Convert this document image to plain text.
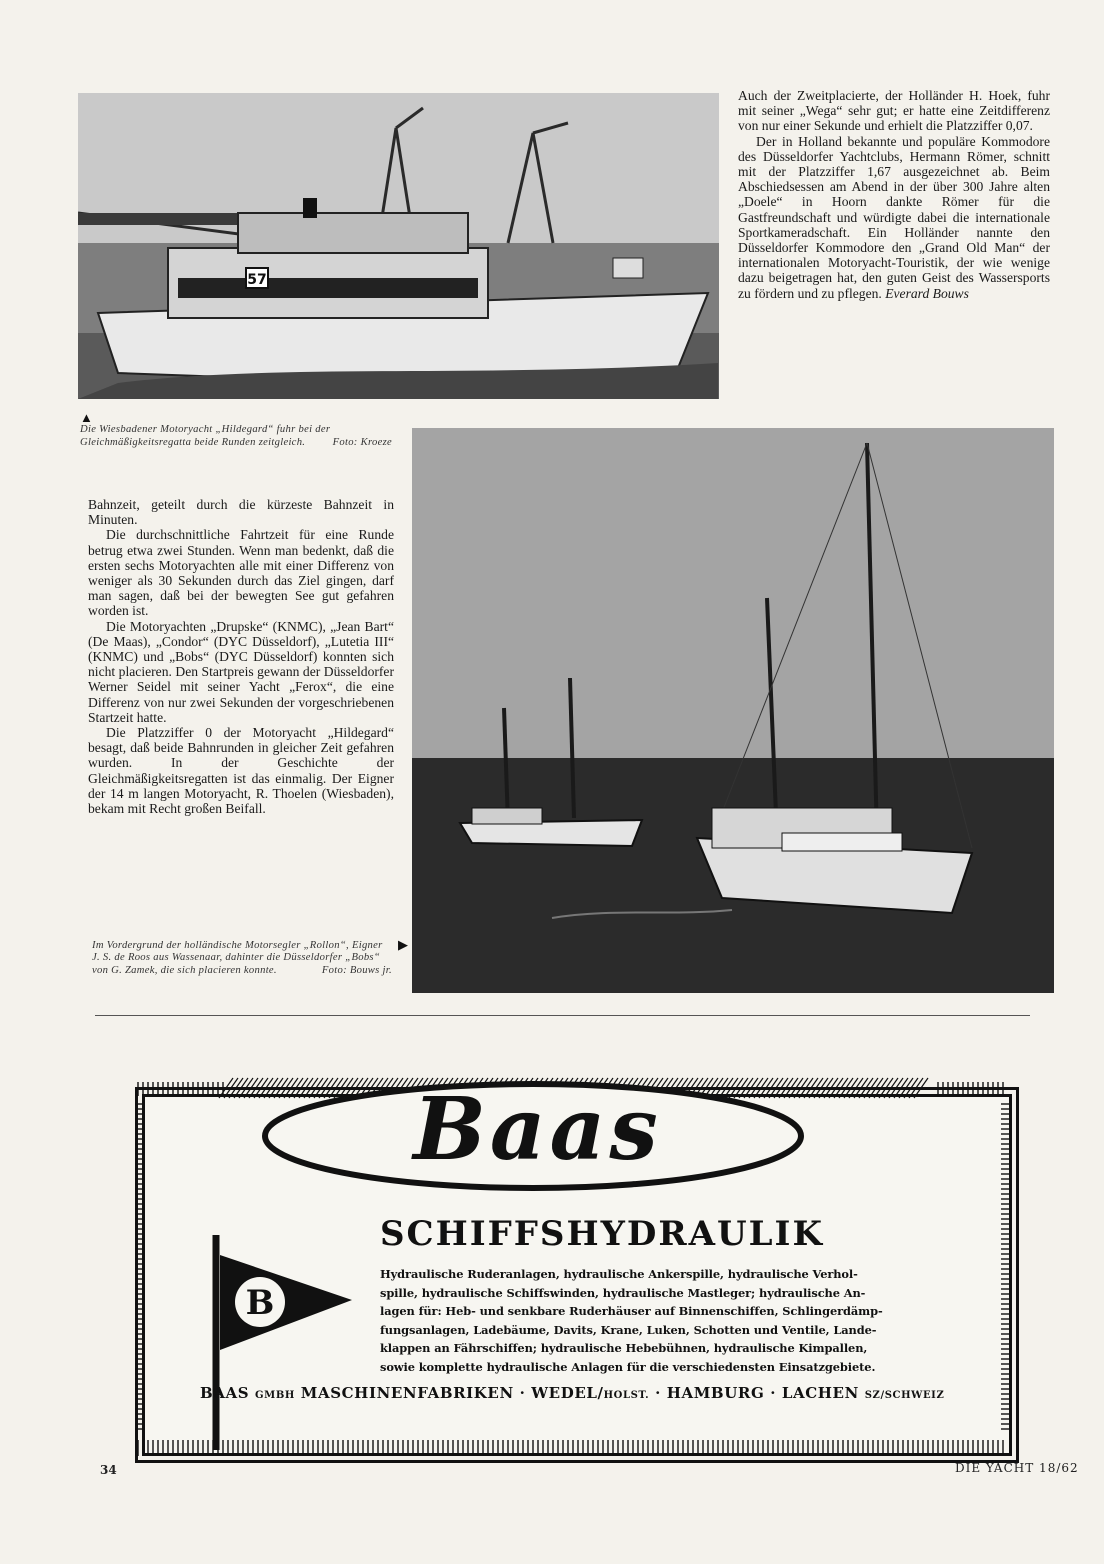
57

Auch der Zweitplacierte, der Holländer H. Hoek, fuhr mit seiner „Wega“ sehr gut; er hatte eine Zeitdifferenz von nur einer Sekunde und erhielt die Platzziffer 0,07.

Der in Holland bekannte und populäre Kommodore des Düsseldorfer Yachtclubs, Hermann Römer, schnitt mit der Platzziffer 1,67 ausgezeichnet ab. Beim Abschiedsessen am Abend in der über 300 Jahre alten „Doele“ in Hoorn dankte Römer für die Gastfreundschaft und würdigte dabei die internationale Sportkameradschaft. Ein Holländer nannte den Düsseldorfer Kommodore den „Grand Old Man“ der internationalen Motoryacht-Touristik, der wie wenige dazu beigetragen hat, den guten Geist des Wassersports zu fördern und zu pflegen. Everard Bouws

▲
Die Wiesbadener Motoryacht „Hildegard“ fuhr bei der Gleichmäßigkeitsregatta beide Runden zeitgleich.	Foto: Kroeze

Bahnzeit, geteilt durch die kürzeste Bahnzeit in Minuten.

Die durchschnittliche Fahrtzeit für eine Runde betrug etwa zwei Stunden. Wenn man bedenkt, daß die ersten sechs Motoryachten alle mit einer Differenz von weniger als 30 Sekunden durch das Ziel gingen, darf man sagen, daß bei der bewegten See gut gefahren worden ist.

Die Motoryachten „Drupske“ (KNMC), „Jean Bart“ (De Maas), „Condor“ (DYC Düsseldorf), „Lutetia III“ (KNMC) und „Bobs“ (DYC Düsseldorf) konnten sich nicht placieren. Den Startpreis gewann der Düsseldorfer Werner Seidel mit seiner Yacht „Ferox“, die eine Differenz von nur zwei Sekunden der vorgeschriebenen Startzeit hatte.

Die Platzziffer 0 der Motoryacht „Hildegard“ besagt, daß beide Bahnrunden in gleicher Zeit gefahren wurden. In der Geschichte der Gleichmäßigkeitsregatten ist das einmalig. Der Eigner der 14 m langen Motoryacht, R. Thoelen (Wiesbaden), bekam mit Recht großen Beifall.

Im Vordergrund der holländische Motorsegler „Rollon“, Eigner J. S. de Roos aus Wassenaar, dahinter die Düsseldorfer „Bobs“ von G. Zamek, die sich placieren konnte.	Foto: Bouws jr.
▶
Baas
B
SCHIFFSHYDRAULIK
Hydraulische Ruderanlagen, hydraulische Ankerspille, hydraulische Verhol-
spille, hydraulische Schiffswinden, hydraulische Mastleger; hydraulische An-
lagen für: Heb- und senkbare Ruderhäuser auf Binnenschiffen, Schlingerdämp-
fungsanlagen, Ladebäume, Davits, Krane, Luken, Schotten und Ventile, Lande-
klappen an Fährschiffen; hydraulische Hebebühnen, hydraulische Kimpallen,
sowie komplette hydraulische Anlagen für die verschiedensten Einsatzgebiete.
BAAS GMBH MASCHINENFABRIKEN · WEDEL/HOLST. · HAMBURG · LACHEN SZ/SCHWEIZ
34	DIE YACHT 18/62
